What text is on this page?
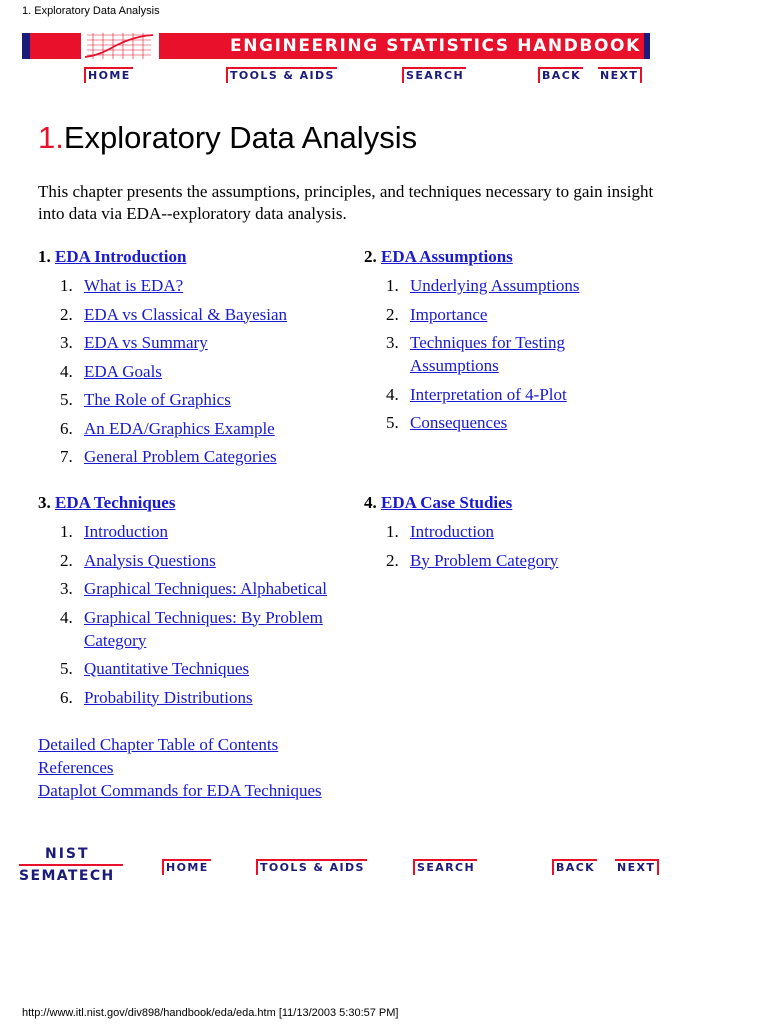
1. Exploratory Data Analysis
ENGINEERING STATISTICS HANDBOOK
HOME	TOOLS & AIDS	SEARCH	BACK NEXT
1.Exploratory Data Analysis
This chapter presents the assumptions, principles, and techniques necessary to gain insight into data via EDA--exploratory data analysis.
1. EDA Introduction
1. What is EDA?
2. EDA vs Classical & Bayesian
3. EDA vs Summary
4. EDA Goals
5. The Role of Graphics
6. An EDA/Graphics Example
7. General Problem Categories
2. EDA Assumptions
1. Underlying Assumptions
2. Importance
3. Techniques for Testing Assumptions
4. Interpretation of 4-Plot
5. Consequences
3. EDA Techniques
1. Introduction
2. Analysis Questions
3. Graphical Techniques: Alphabetical
4. Graphical Techniques: By Problem Category
5. Quantitative Techniques
6. Probability Distributions
4. EDA Case Studies
1. Introduction
2. By Problem Category
Detailed Chapter Table of Contents
References
Dataplot Commands for EDA Techniques
NIST
SEMATECH
HOME	TOOLS & AIDS	SEARCH	BACK NEXT
http://www.itl.nist.gov/div898/handbook/eda/eda.htm [11/13/2003 5:30:57 PM]
